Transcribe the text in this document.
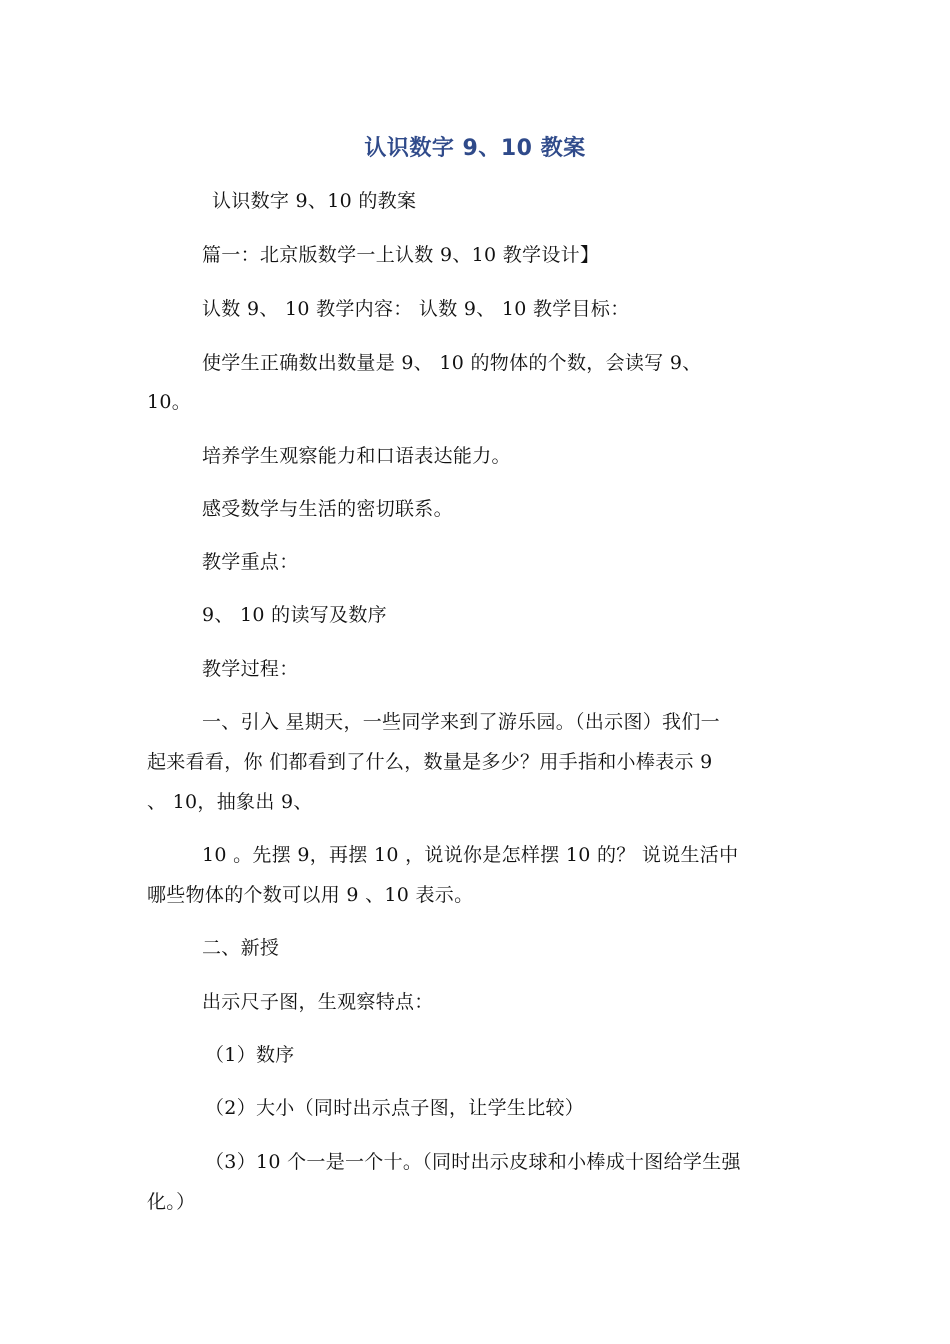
认识数字 9、10 教案
认识数字 9、10 的教案
篇一：北京版数学一上认数 9、10 教学设计】
认数 9、 10 教学内容： 认数 9、 10 教学目标：
使学生正确数出数量是 9、 10 的物体的个数，会读写 9、
10。
培养学生观察能力和口语表达能力。
感受数学与生活的密切联系。
教学重点：
9、 10 的读写及数序
教学过程：
一、引入 星期天，一些同学来到了游乐园。（出示图）我们一
起来看看，你 们都看到了什么，数量是多少？用手指和小棒表示 9
、 10，抽象出 9、
10 。先摆 9，再摆 10 ，说说你是怎样摆 10 的？ 说说生活中
哪些物体的个数可以用 9 、10 表示。
二、新授
出示尺子图，生观察特点：
（1）数序
（2）大小（同时出示点子图，让学生比较）
（3）10 个一是一个十。（同时出示皮球和小棒成十图给学生强
化。）
